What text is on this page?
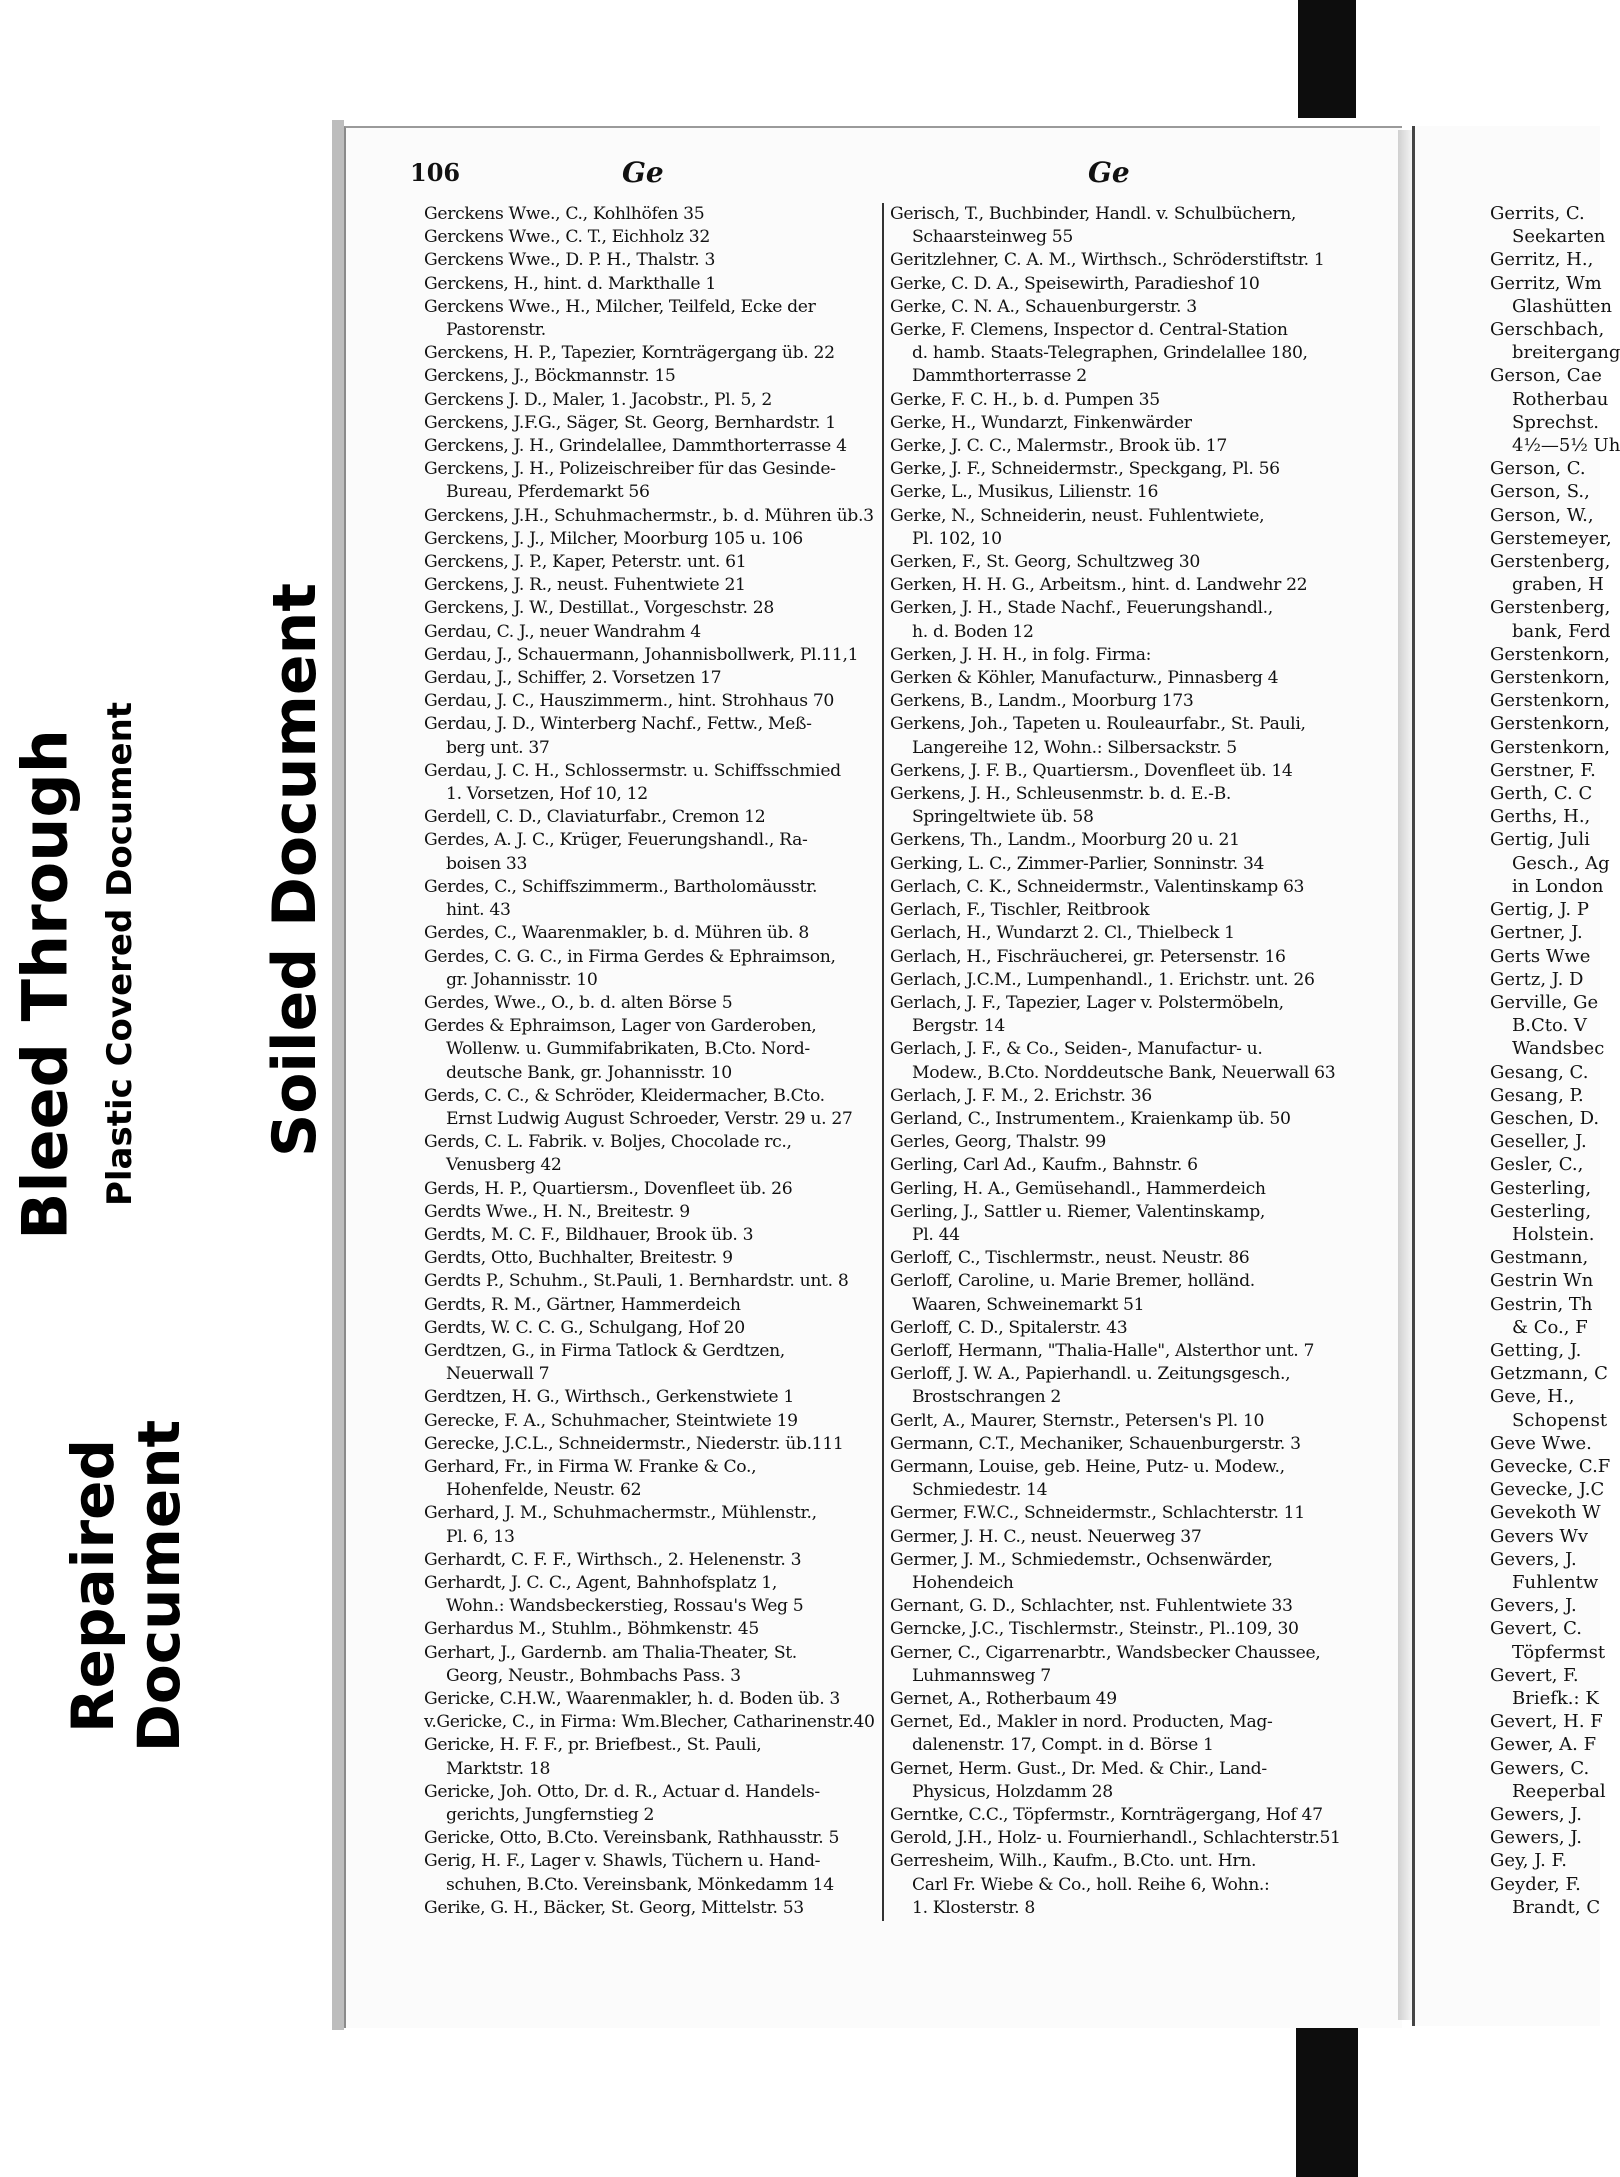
Bleed Through Plastic Covered Document Soiled Document
Repaired
Document
106	Ge	Ge
Gerckens Wwe., C., Kohlhöfen 35
Gerckens Wwe., C. T., Eichholz 32
Gerckens Wwe., D. P. H., Thalstr. 3
Gerckens, H., hint. d. Markthalle 1
Gerckens Wwe., H., Milcher, Teilfeld, Ecke der
Pastorenstr.
Gerckens, H. P., Tapezier, Kornträgergang üb. 22
Gerckens, J., Böckmannstr. 15
Gerckens J. D., Maler, 1. Jacobstr., Pl. 5, 2
Gerckens, J.F.G., Säger, St. Georg, Bernhardstr. 1
Gerckens, J. H., Grindelallee, Dammthorterrasse 4
Gerckens, J. H., Polizeischreiber für das Gesinde-
Bureau, Pferdemarkt 56
Gerckens, J.H., Schuhmachermstr., b. d. Mühren üb.3
Gerckens, J. J., Milcher, Moorburg 105 u. 106
Gerckens, J. P., Kaper, Peterstr. unt. 61
Gerckens, J. R., neust. Fuhentwiete 21
Gerckens, J. W., Destillat., Vorgeschstr. 28
Gerdau, C. J., neuer Wandrahm 4
Gerdau, J., Schauermann, Johannisbollwerk, Pl.11,1
Gerdau, J., Schiffer, 2. Vorsetzen 17
Gerdau, J. C., Hauszimmerm., hint. Strohhaus 70
Gerdau, J. D., Winterberg Nachf., Fettw., Meß-
berg unt. 37
Gerdau, J. C. H., Schlossermstr. u. Schiffsschmied
1. Vorsetzen, Hof 10, 12
Gerdell, C. D., Claviaturfabr., Cremon 12
Gerdes, A. J. C., Krüger, Feuerungshandl., Ra-
boisen 33
Gerdes, C., Schiffszimmerm., Bartholomäusstr.
hint. 43
Gerdes, C., Waarenmakler, b. d. Mühren üb. 8
Gerdes, C. G. C., in Firma Gerdes & Ephraimson,
gr. Johannisstr. 10
Gerdes, Wwe., O., b. d. alten Börse 5
Gerdes & Ephraimson, Lager von Garderoben,
Wollenw. u. Gummifabrikaten, B.Cto. Nord-
deutsche Bank, gr. Johannisstr. 10
Gerds, C. C., & Schröder, Kleidermacher, B.Cto.
Ernst Ludwig August Schroeder, Verstr. 29 u. 27
Gerds, C. L. Fabrik. v. Boljes, Chocolade rc.,
Venusberg 42
Gerds, H. P., Quartiersm., Dovenfleet üb. 26
Gerdts Wwe., H. N., Breitestr. 9
Gerdts, M. C. F., Bildhauer, Brook üb. 3
Gerdts, Otto, Buchhalter, Breitestr. 9
Gerdts P., Schuhm., St.Pauli, 1. Bernhardstr. unt. 8
Gerdts, R. M., Gärtner, Hammerdeich
Gerdts, W. C. C. G., Schulgang, Hof 20
Gerdtzen, G., in Firma Tatlock & Gerdtzen,
Neuerwall 7
Gerdtzen, H. G., Wirthsch., Gerkenstwiete 1
Gerecke, F. A., Schuhmacher, Steintwiete 19
Gerecke, J.C.L., Schneidermstr., Niederstr. üb.111
Gerhard, Fr., in Firma W. Franke & Co.,
Hohenfelde, Neustr. 62
Gerhard, J. M., Schuhmachermstr., Mühlenstr.,
Pl. 6, 13
Gerhardt, C. F. F., Wirthsch., 2. Helenenstr. 3
Gerhardt, J. C. C., Agent, Bahnhofsplatz 1,
Wohn.: Wandsbeckerstieg, Rossau's Weg 5
Gerhardus M., Stuhlm., Böhmkenstr. 45
Gerhart, J., Gardernb. am Thalia-Theater, St.
Georg, Neustr., Bohmbachs Pass. 3
Gericke, C.H.W., Waarenmakler, h. d. Boden üb. 3
v.Gericke, C., in Firma: Wm.Blecher, Catharinenstr.40
Gericke, H. F. F., pr. Briefbest., St. Pauli,
Marktstr. 18
Gericke, Joh. Otto, Dr. d. R., Actuar d. Handels-
gerichts, Jungfernstieg 2
Gericke, Otto, B.Cto. Vereinsbank, Rathhausstr. 5
Gerig, H. F., Lager v. Shawls, Tüchern u. Hand-
schuhen, B.Cto. Vereinsbank, Mönkedamm 14
Gerike, G. H., Bäcker, St. Georg, Mittelstr. 53
Gerisch, T., Buchbinder, Handl. v. Schulbüchern,
Schaarsteinweg 55
Geritzlehner, C. A. M., Wirthsch., Schröderstiftstr. 1
Gerke, C. D. A., Speisewirth, Paradieshof 10
Gerke, C. N. A., Schauenburgerstr. 3
Gerke, F. Clemens, Inspector d. Central-Station
d. hamb. Staats-Telegraphen, Grindelallee 180,
Dammthorterrasse 2
Gerke, F. C. H., b. d. Pumpen 35
Gerke, H., Wundarzt, Finkenwärder
Gerke, J. C. C., Malermstr., Brook üb. 17
Gerke, J. F., Schneidermstr., Speckgang, Pl. 56
Gerke, L., Musikus, Lilienstr. 16
Gerke, N., Schneiderin, neust. Fuhlentwiete,
Pl. 102, 10
Gerken, F., St. Georg, Schultzweg 30
Gerken, H. H. G., Arbeitsm., hint. d. Landwehr 22
Gerken, J. H., Stade Nachf., Feuerungshandl.,
h. d. Boden 12
Gerken, J. H. H., in folg. Firma:
Gerken & Köhler, Manufacturw., Pinnasberg 4
Gerkens, B., Landm., Moorburg 173
Gerkens, Joh., Tapeten u. Rouleaurfabr., St. Pauli,
Langereihe 12, Wohn.: Silbersackstr. 5
Gerkens, J. F. B., Quartiersm., Dovenfleet üb. 14
Gerkens, J. H., Schleusenmstr. b. d. E.-B.
Springeltwiete üb. 58
Gerkens, Th., Landm., Moorburg 20 u. 21
Gerking, L. C., Zimmer-Parlier, Sonninstr. 34
Gerlach, C. K., Schneidermstr., Valentinskamp 63
Gerlach, F., Tischler, Reitbrook
Gerlach, H., Wundarzt 2. Cl., Thielbeck 1
Gerlach, H., Fischräucherei, gr. Petersenstr. 16
Gerlach, J.C.M., Lumpenhandl., 1. Erichstr. unt. 26
Gerlach, J. F., Tapezier, Lager v. Polstermöbeln,
Bergstr. 14
Gerlach, J. F., & Co., Seiden-, Manufactur- u.
Modew., B.Cto. Norddeutsche Bank, Neuerwall 63
Gerlach, J. F. M., 2. Erichstr. 36
Gerland, C., Instrumentem., Kraienkamp üb. 50
Gerles, Georg, Thalstr. 99
Gerling, Carl Ad., Kaufm., Bahnstr. 6
Gerling, H. A., Gemüsehandl., Hammerdeich
Gerling, J., Sattler u. Riemer, Valentinskamp,
Pl. 44
Gerloff, C., Tischlermstr., neust. Neustr. 86
Gerloff, Caroline, u. Marie Bremer, holländ.
Waaren, Schweinemarkt 51
Gerloff, C. D., Spitalerstr. 43
Gerloff, Hermann, "Thalia-Halle", Alsterthor unt. 7
Gerloff, J. W. A., Papierhandl. u. Zeitungsgesch.,
Brostschrangen 2
Gerlt, A., Maurer, Sternstr., Petersen's Pl. 10
Germann, C.T., Mechaniker, Schauenburgerstr. 3
Germann, Louise, geb. Heine, Putz- u. Modew.,
Schmiedestr. 14
Germer, F.W.C., Schneidermstr., Schlachterstr. 11
Germer, J. H. C., neust. Neuerweg 37
Germer, J. M., Schmiedemstr., Ochsenwärder,
Hohendeich
Gernant, G. D., Schlachter, nst. Fuhlentwiete 33
Gerncke, J.C., Tischlermstr., Steinstr., Pl..109, 30
Gerner, C., Cigarrenarbtr., Wandsbecker Chaussee,
Luhmannsweg 7
Gernet, A., Rotherbaum 49
Gernet, Ed., Makler in nord. Producten, Mag-
dalenenstr. 17, Compt. in d. Börse 1
Gernet, Herm. Gust., Dr. Med. & Chir., Land-
Physicus, Holzdamm 28
Gerntke, C.C., Töpfermstr., Kornträgergang, Hof 47
Gerold, J.H., Holz- u. Fournierhandl., Schlachterstr.51
Gerresheim, Wilh., Kaufm., B.Cto. unt. Hrn.
Carl Fr. Wiebe & Co., holl. Reihe 6, Wohn.:
1. Klosterstr. 8
Gerrits, C.
Seekarten
Gerritz, H.,
Gerritz, Wm
Glashütten
Gerschbach,
breitergang
Gerson, Cae
Rotherbau
Sprechst.
4½—5½ Uh
Gerson, C.
Gerson, S.,
Gerson, W.,
Gerstemeyer,
Gerstenberg,
graben, H
Gerstenberg,
bank, Ferd
Gerstenkorn,
Gerstenkorn,
Gerstenkorn,
Gerstenkorn,
Gerstenkorn,
Gerstner, F.
Gerth, C. C
Gerths, H.,
Gertig, Juli
Gesch., Ag
in London
Gertig, J. P
Gertner, J.
Gerts Wwe
Gertz, J. D
Gerville, Ge
B.Cto. V
Wandsbec
Gesang, C.
Gesang, P.
Geschen, D.
Geseller, J.
Gesler, C.,
Gesterling,
Gesterling,
Holstein.
Gestmann,
Gestrin Wn
Gestrin, Th
& Co., F
Getting, J.
Getzmann, C
Geve, H.,
Schopenst
Geve Wwe.
Gevecke, C.F
Gevecke, J.C
Gevekoth W
Gevers Wv
Gevers, J.
Fuhlentw
Gevers, J.
Gevert, C.
Töpfermst
Gevert, F.
Briefk.: K
Gevert, H. F
Gewer, A. F
Gewers, C.
Reeperbal
Gewers, J.
Gewers, J.
Gey, J. F.
Geyder, F.
Brandt, C
